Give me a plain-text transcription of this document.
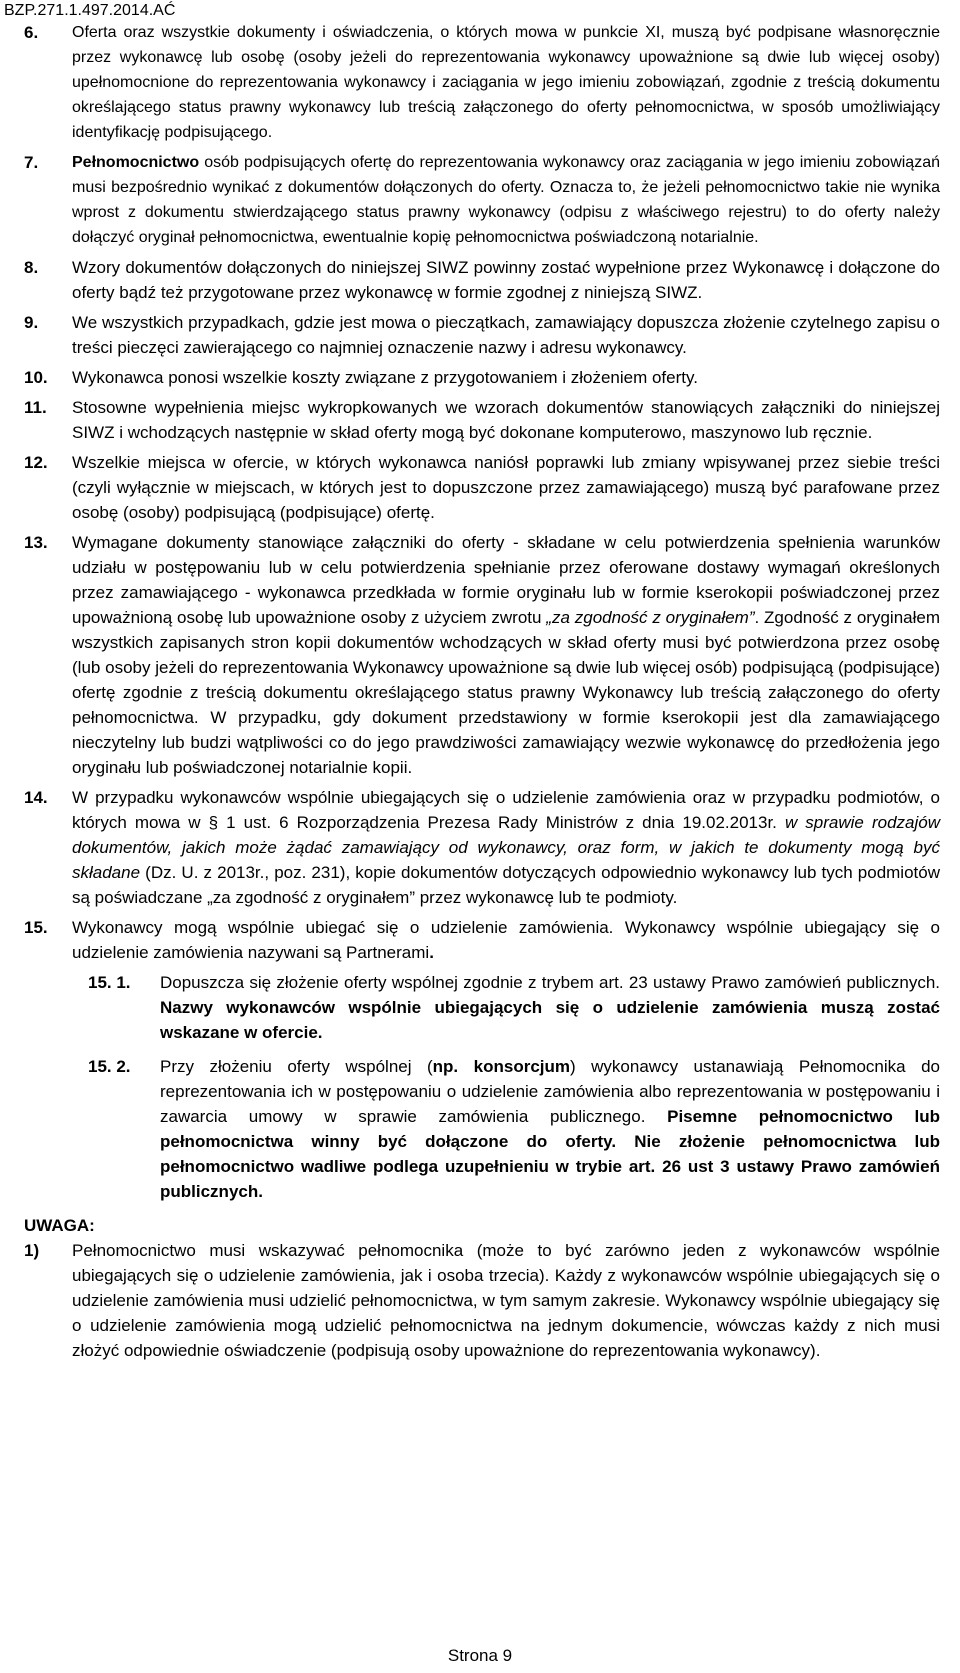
BZP.271.1.497.2014.AĆ
6.	Oferta oraz wszystkie dokumenty i oświadczenia, o których mowa w punkcie XI, muszą być podpisane własnoręcznie przez wykonawcę lub osobę (osoby jeżeli do reprezentowania wykonawcy upoważnione są dwie lub więcej osoby) upełnomocnione do reprezentowania wykonawcy i zaciągania w jego imieniu zobowiązań, zgodnie z treścią dokumentu określającego status prawny wykonawcy lub treścią załączonego do oferty pełnomocnictwa, w sposób umożliwiający identyfikację podpisującego.
7.	Pełnomocnictwo osób podpisujących ofertę do reprezentowania wykonawcy oraz zaciągania w jego imieniu zobowiązań musi bezpośrednio wynikać z dokumentów dołączonych do oferty. Oznacza to, że jeżeli pełnomocnictwo takie nie wynika wprost z dokumentu stwierdzającego status prawny wykonawcy (odpisu z właściwego rejestru) to do oferty należy dołączyć oryginał pełnomocnictwa, ewentualnie kopię pełnomocnictwa poświadczoną notarialnie.
8.	Wzory dokumentów dołączonych do niniejszej SIWZ powinny zostać wypełnione przez Wykonawcę i dołączone do oferty bądź też przygotowane przez wykonawcę w formie zgodnej z niniejszą SIWZ.
9.	We wszystkich przypadkach, gdzie jest mowa o pieczątkach, zamawiający dopuszcza złożenie czytelnego zapisu o treści pieczęci zawierającego co najmniej oznaczenie nazwy i adresu wykonawcy.
10.	Wykonawca ponosi wszelkie koszty związane z przygotowaniem i złożeniem oferty.
11.	Stosowne wypełnienia miejsc wykropkowanych we wzorach dokumentów stanowiących załączniki do niniejszej SIWZ i wchodzących następnie w skład oferty mogą być dokonane komputerowo, maszynowo lub ręcznie.
12.	Wszelkie miejsca w ofercie, w których wykonawca naniósł poprawki lub zmiany wpisywanej przez siebie treści (czyli wyłącznie w miejscach, w których jest to dopuszczone przez zamawiającego) muszą być parafowane przez osobę (osoby) podpisującą (podpisujące) ofertę.
13.	Wymagane dokumenty stanowiące załączniki do oferty - składane w celu potwierdzenia spełnienia warunków udziału w postępowaniu lub w celu potwierdzenia spełnianie przez oferowane dostawy wymagań określonych przez zamawiającego - wykonawca przedkłada w formie oryginału lub w formie kserokopii poświadczonej przez upoważnioną osobę lub upoważnione osoby z użyciem zwrotu „za zgodność z oryginałem”. Zgodność z oryginałem wszystkich zapisanych stron kopii dokumentów wchodzących w skład oferty musi być potwierdzona przez osobę (lub osoby jeżeli do reprezentowania Wykonawcy upoważnione są dwie lub więcej osób) podpisującą (podpisujące) ofertę zgodnie z treścią dokumentu określającego status prawny Wykonawcy lub treścią załączonego do oferty pełnomocnictwa. W przypadku, gdy dokument przedstawiony w formie kserokopii jest dla zamawiającego nieczytelny lub budzi wątpliwości co do jego prawdziwości zamawiający wezwie wykonawcę do przedłożenia jego oryginału lub poświadczonej notarialnie kopii.
14.	W przypadku wykonawców wspólnie ubiegających się o udzielenie zamówienia oraz w przypadku podmiotów, o których mowa w § 1 ust. 6 Rozporządzenia Prezesa Rady Ministrów z dnia 19.02.2013r. w sprawie rodzajów dokumentów, jakich może żądać zamawiający od wykonawcy, oraz form, w jakich te dokumenty mogą być składane (Dz. U. z 2013r., poz. 231), kopie dokumentów dotyczących odpowiednio wykonawcy lub tych podmiotów są poświadczane „za zgodność z oryginałem” przez wykonawcę lub te podmioty.
15.	Wykonawcy mogą wspólnie ubiegać się o udzielenie zamówienia. Wykonawcy wspólnie ubiegający się o udzielenie zamówienia nazywani są Partnerami.
15. 1.	Dopuszcza się złożenie oferty wspólnej zgodnie z trybem art. 23 ustawy Prawo zamówień publicznych. Nazwy wykonawców wspólnie ubiegających się o udzielenie zamówienia muszą zostać wskazane w ofercie.
15. 2.	Przy złożeniu oferty wspólnej (np. konsorcjum) wykonawcy ustanawiają Pełnomocnika do reprezentowania ich w postępowaniu o udzielenie zamówienia albo reprezentowania w postępowaniu i zawarcia umowy w sprawie zamówienia publicznego. Pisemne pełnomocnictwo lub pełnomocnictwa winny być dołączone do oferty. Nie złożenie pełnomocnictwa lub pełnomocnictwo wadliwe podlega uzupełnieniu w trybie art. 26 ust 3 ustawy Prawo zamówień publicznych.
UWAGA:
1)	Pełnomocnictwo musi wskazywać pełnomocnika (może to być zarówno jeden z wykonawców wspólnie ubiegających się o udzielenie zamówienia, jak i osoba trzecia). Każdy z wykonawców wspólnie ubiegających się o udzielenie zamówienia musi udzielić pełnomocnictwa, w tym samym zakresie. Wykonawcy wspólnie ubiegający się o udzielenie zamówienia mogą udzielić pełnomocnictwa na jednym dokumencie, wówczas każdy z nich musi złożyć odpowiednie oświadczenie (podpisują osoby upoważnione do reprezentowania wykonawcy).
Strona 9
